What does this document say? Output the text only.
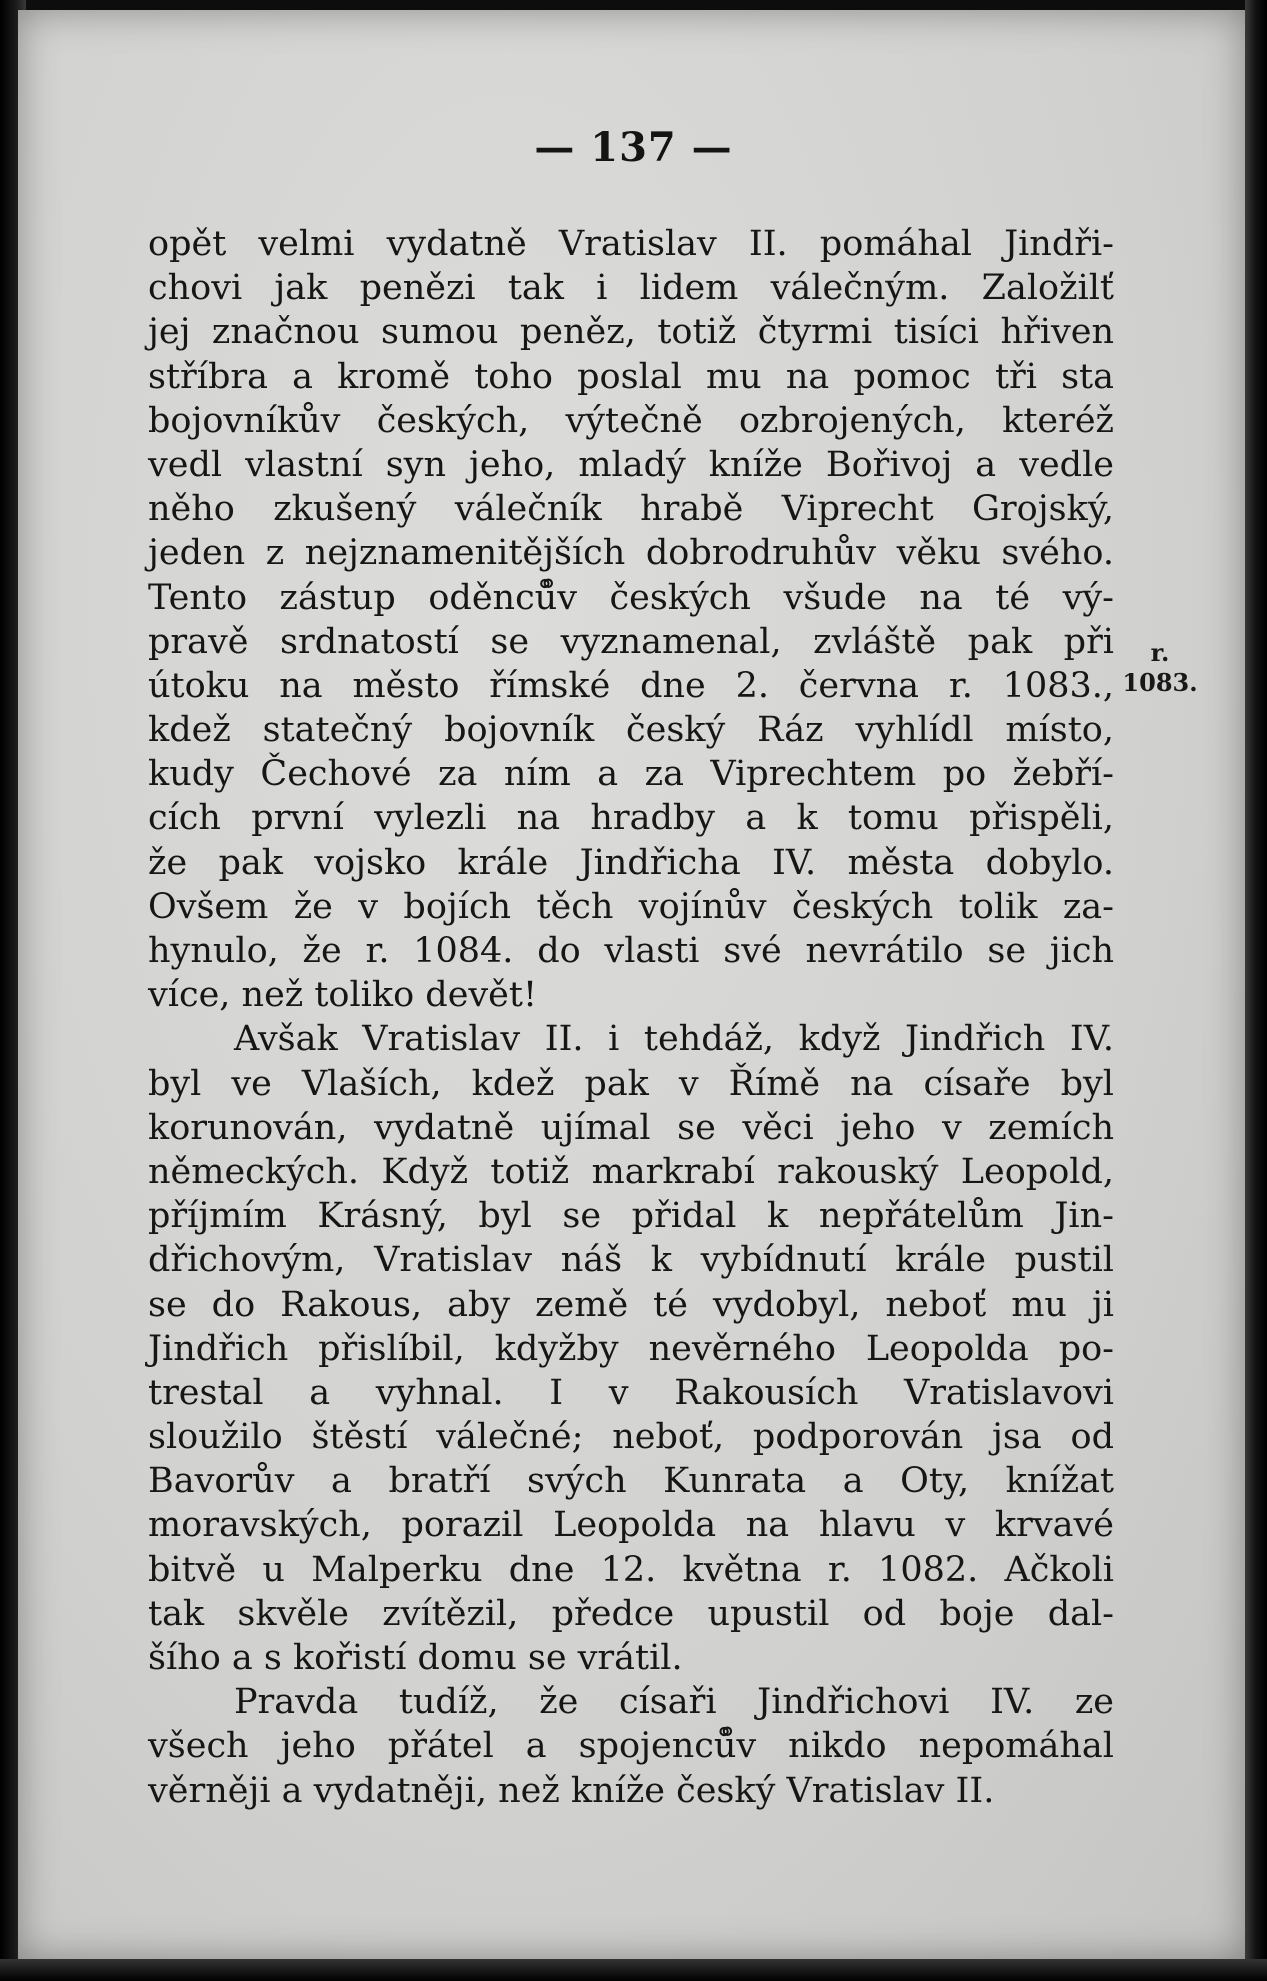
— 137 —
opět velmi vydatně Vratislav II. pomáhal Jindři-
chovi jak penězi tak i lidem válečným. Založilť
jej značnou sumou peněz, totiž čtyrmi tisíci hřiven
stříbra a kromě toho poslal mu na pomoc tři sta
bojovníkův českých, výtečně ozbrojených, kteréž
vedl vlastní syn jeho, mladý kníže Bořivoj a vedle
něho zkušený válečník hrabě Viprecht Grojský,
jeden z nejznamenitějších dobrodruhův věku svého.
Tento zástup oděnců̊v českých všude na té vý-
pravě srdnatostí se vyznamenal, zvláště pak při
útoku na město římské dne 2. června r. 1083.,
kdež statečný bojovník český Ráz vyhlídl místo,
kudy Čechové za ním a za Viprechtem po žebří-
cích první vylezli na hradby a k tomu přispěli,
že pak vojsko krále Jindřicha IV. města dobylo.
Ovšem že v bojích těch vojínův českých tolik za-
hynulo, že r. 1084. do vlasti své nevrátilo se jich
více, než toliko devět!
Avšak Vratislav II. i tehdáž, když Jindřich IV.
byl ve Vlaších, kdež pak v Římě na císaře byl
korunován, vydatně ujímal se věci jeho v zemích
německých. Když totiž markrabí rakouský Leopold,
příjmím Krásný, byl se přidal k nepřátelům Jin-
dřichovým, Vratislav náš k vybídnutí krále pustil
se do Rakous, aby země té vydobyl, neboť mu ji
Jindřich přislíbil, kdyžby nevěrného Leopolda po-
trestal a vyhnal. I v Rakousích Vratislavovi
sloužilo štěstí válečné; neboť, podporován jsa od
Bavorův a bratří svých Kunrata a Oty, knížat
moravských, porazil Leopolda na hlavu v krvavé
bitvě u Malperku dne 12. května r. 1082. Ačkoli
tak skvěle zvítězil, předce upustil od boje dal-
šího a s kořistí domu se vrátil.
Pravda tudíž, že císaři Jindřichovi IV. ze
všech jeho přátel a spojenců̊v nikdo nepomáhal
věrněji a vydatněji, než kníže český Vratislav II.
r.
1083.
